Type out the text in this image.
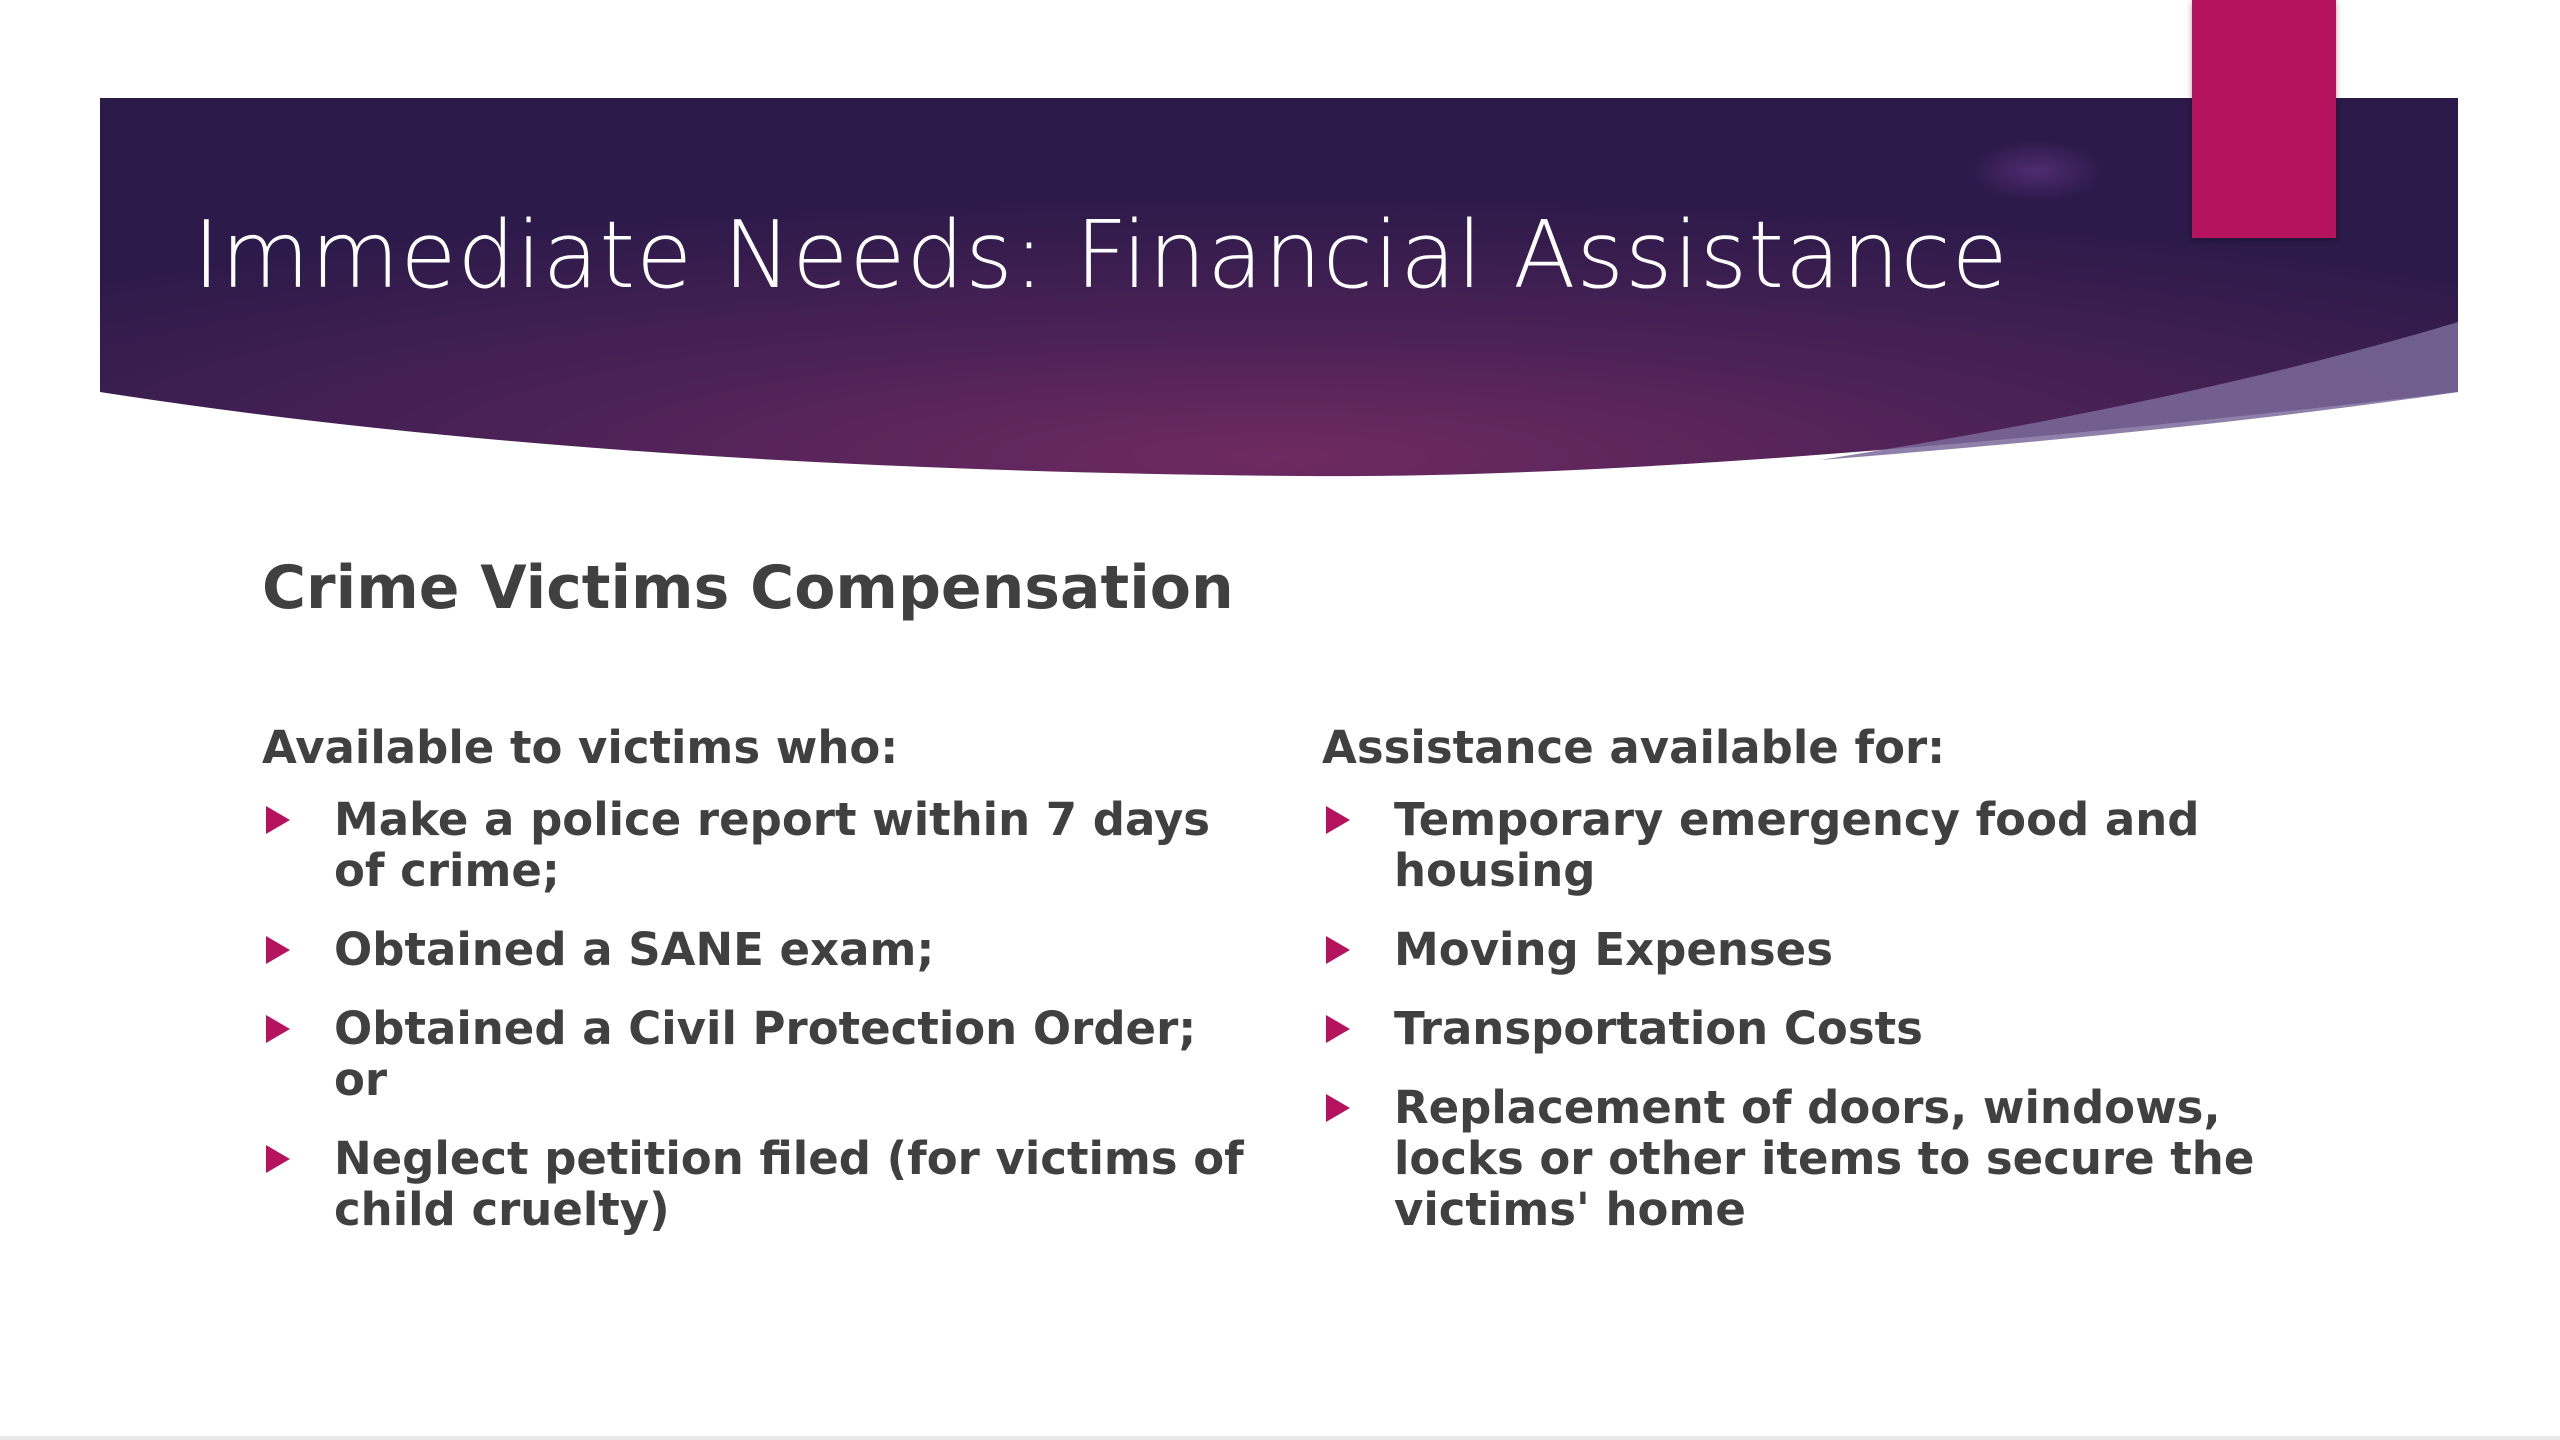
Immediate Needs: Financial Assistance
Crime Victims Compensation
Available to victims who:
Make a police report within 7 days of crime;
Obtained a SANE exam;
Obtained a Civil Protection Order; or
Neglect petition filed (for victims of child cruelty)
Assistance available for:
Temporary emergency food and housing
Moving Expenses
Transportation Costs
Replacement of doors, windows, locks or other items to secure the victims' home
